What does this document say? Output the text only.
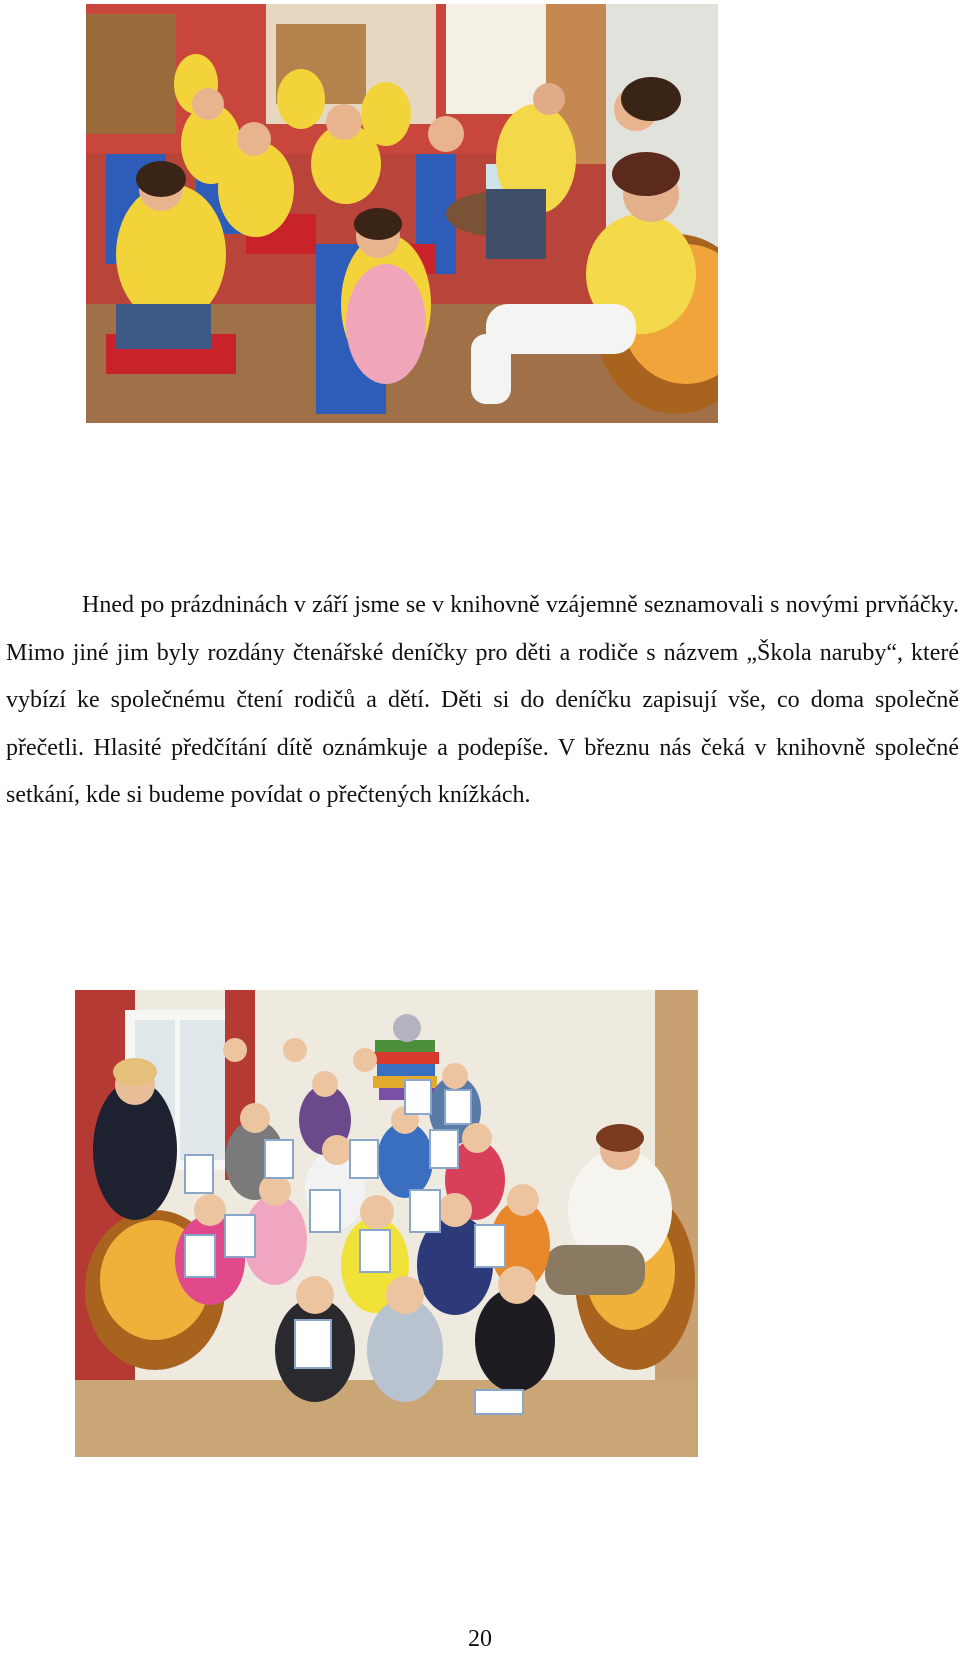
Hned po prázdninách v září jsme se v knihovně vzájemně seznamovali s novými prvňáčky. Mimo jiné jim byly rozdány čtenářské deníčky pro děti a rodiče s názvem „Škola naruby“, které vybízí ke společnému čtení rodičů a dětí. Děti si do deníčku zapisují vše, co doma společně přečetli. Hlasité předčítání dítě oznámkuje a podepíše. V březnu nás čeká v knihovně společné setkání, kde si budeme povídat o přečtených knížkách.

20
